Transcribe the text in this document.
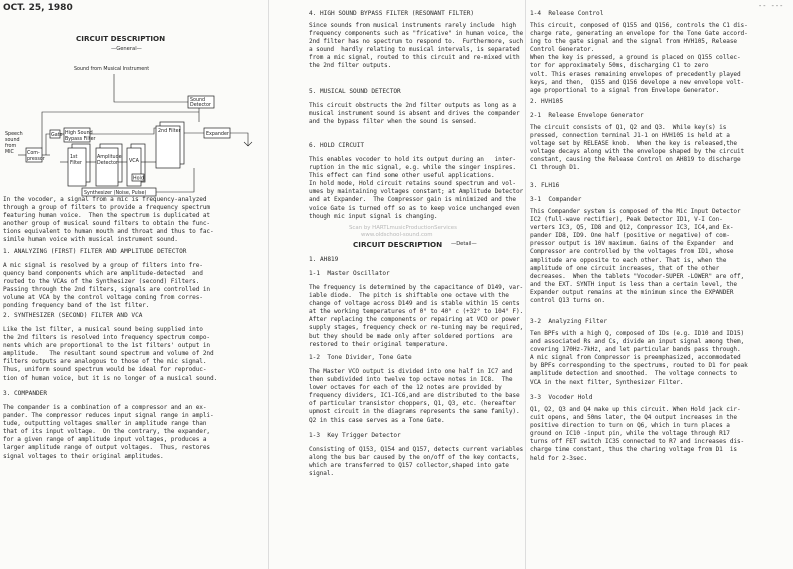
OCT. 25, 1980
CIRCUIT DESCRIPTION
—General—
Sound from Musical Instrument
Speech
sound
from
MIC	Com-
pressor
Gate High Sound
Bypass Filter
Sound
Detector
1st
Filter
Amplitude
Detector VCA
2nd Filter
Expander
Synthesizer (Noise, Pulse)
Hold
In the vocoder, a signal from a mic is frequency-analyzed
through a group of filters to provide a frequency spectrum
featuring human voice.  Then the spectrum is duplicated at
another group of musical sound filters to obtain the func-
tions equivalent to human mouth and throat and thus to fac-
simile human voice with musical instrument sound.
1. ANALYZING (FIRST) FILTER AND AMPLITUDE DETECTOR
A mic signal is resolved by a group of filters into fre-
quency band components which are amplitude-detected  and
routed to the VCAs of the Synthesizer (second) Filters.
Passing through the 2nd filters, signals are controlled in
volume at VCA by the control voltage coming from corres-
ponding frequency band of the 1st filter.
2. SYNTHESIZER (SECOND) FILTER AND VCA
Like the 1st filter, a musical sound being supplied into
the 2nd filters is resolved into frequency spectrum compo-
nents which are proportional to the 1st filters' output in
amplitude.   The resultant sound spectrum and volume of 2nd
filters outputs are analogous to those of the mic signal.
Thus, uniform sound spectrum would be ideal for reproduc-
tion of human voice, but it is no longer of a musical sound.
3. COMPANDER
The compander is a combination of a compressor and an ex-
pander. The compressor reduces input signal range in ampli-
tude, outputting voltages smaller in amplitude range than
that of its input voltage.  On the contrary, the expander,
for a given range of amplitude input voltages, produces a
larger amplitude range of output voltages.  Thus, restores
signal voltages to their original amplitudes.
4. HIGH SOUND BYPASS FILTER (RESONANT FILTER)
Since sounds from musical instruments rarely include  high
frequency components such as "fricative" in human voice, the
2nd filter has no spectrum to respond to.  Furthermore, such
a sound  hardly relating to musical intervals, is separated
from a mic signal, routed to this circuit and re-mixed with
the 2nd filter outputs.
5. MUSICAL SOUND DETECTOR
This circuit obstructs the 2nd filter outputs as long as a
musical instrument sound is absent and drives the compander
and the bypass filter when the sound is sensed.
6. HOLD CIRCUIT
This enables vocoder to hold its output during an   inter-
ruption in the mic signal, e.g. while the singer inspires.
This effect can find some other useful applications.
In hold mode, Hold circuit retains sound spectrum and vol-
umes by maintaining voltages constant; at Amplitude Detector
and at Expander.  The Compressor gain is minimized and the
voice Gate is turned off so as to keep voice unchanged even
though mic input signal is changing.
Scan by HARTLmusicProductionServices
www.oldschool-sound.com
CIRCUIT DESCRIPTION —Detail—
1. AH819
1-1  Master Oscillator
The frequency is determined by the capacitance of D149, var-
iable diode.  The pitch is shiftable one octave with the
change of voltage across D149 and is stable within 15 cents
at the working temperatures of 0° to 40° c (+32° to 104° F).
After replacing the components or repairing at VCO or power
supply stages, frequency check or re-tuning may be required,
but they should be made only after soldered portions  are
restored to their original temperature.
1-2  Tone Divider, Tone Gate
The Master VCO output is divided into one half in IC7 and
then subdivided into twelve top octave notes in IC8.  The
lower octaves for each of the 12 notes are provided by
frequency dividers, IC1-IC6,and are distributed to the base
of particular transistor choppers, Q1, Q3, etc. (hereafter
upmost circuit in the diagrams represents the same family).
Q2 in this case serves as a Tone Gate.
1-3  Key Trigger Detector
Consisting of Q153, Q154 and Q157, detects current variables
along the bus bar caused by the on/off of the key contacts,
which are transferred to Q157 collector,shaped into gate
signal.
-- ---
1-4  Release Control
This circuit, composed of Q155 and Q156, controls the C1 dis-
charge rate, generating an envelope for the Tone Gate accord-
ing to the gate signal and the signal from HVH105, Release
Control Generator.
When the key is pressed, a ground is placed on Q155 collec-
tor for approximately 50ms, discharging C1 to zero
volt. This erases remaining envelopes of precedently played
keys, and then,  Q155 and Q156 develope a new envelope volt-
age proportional to a signal from Envelope Generator.
2. HVH105
2-1  Release Envelope Generator
The circuit consists of Q1, Q2 and Q3.  While key(s) is
pressed, connection terminal J1-1 on HVH105 is held at a
voltage set by RELEASE knob.  When the key is released,the
voltage decays along with the envelope shaped by the circuit
constant, causing the Release Control on AH819 to discharge
C1 through D1.
3. FLH16
3-1  Compander
This Compander system is composed of the Mic Input Detector
IC2 (full-wave rectifier), Peak Detector ID1, V-I Con-
verters IC3, Q5, ID8 and Q12, Compressor IC3, IC4,and Ex-
pander ID8, ID9. One half (positive or negative) of com-
pressor output is 10V maximum. Gains of the Expander  and
Compressor are controlled by the voltages from ID1, whose
amplitude are opposite to each other. That is, when the
amplitude of one circuit increases, that of the other
decreases.  When the tablets "Vocoder-SUPER -LOWER" are off,
and the EXT. SYNTH input is less than a certain level, the
Expander output remains at the minimum since the EXPANDER
control Q13 turns on.
3-2  Analyzing Filter
Ten BPFs with a high Q, composed of IDs (e.g. ID10 and ID15)
and associated Rs and Cs, divide an input signal among them,
covering 170Hz-7kHz, and let particular bands pass through.
A mic signal from Compressor is preemphasized, accommodated
by BPFs corresponding to the spectrums, routed to D1 for peak
amplitude detection and smoothed.  The voltage connects to
VCA in the next filter, Synthesizer Filter.
3-3  Vocoder Hold
Q1, Q2, Q3 and Q4 make up this circuit. When Hold jack cir-
cuit opens, and 50ms later, the Q4 output increases in the
positive direction to turn on Q6, which in turn places a
ground on IC10 -input pin, while the voltage through R17
turns off FET switch IC35 connected to R7 and increases dis-
charge time constant, thus the charing voltage from D1  is
held for 2-3sec.
